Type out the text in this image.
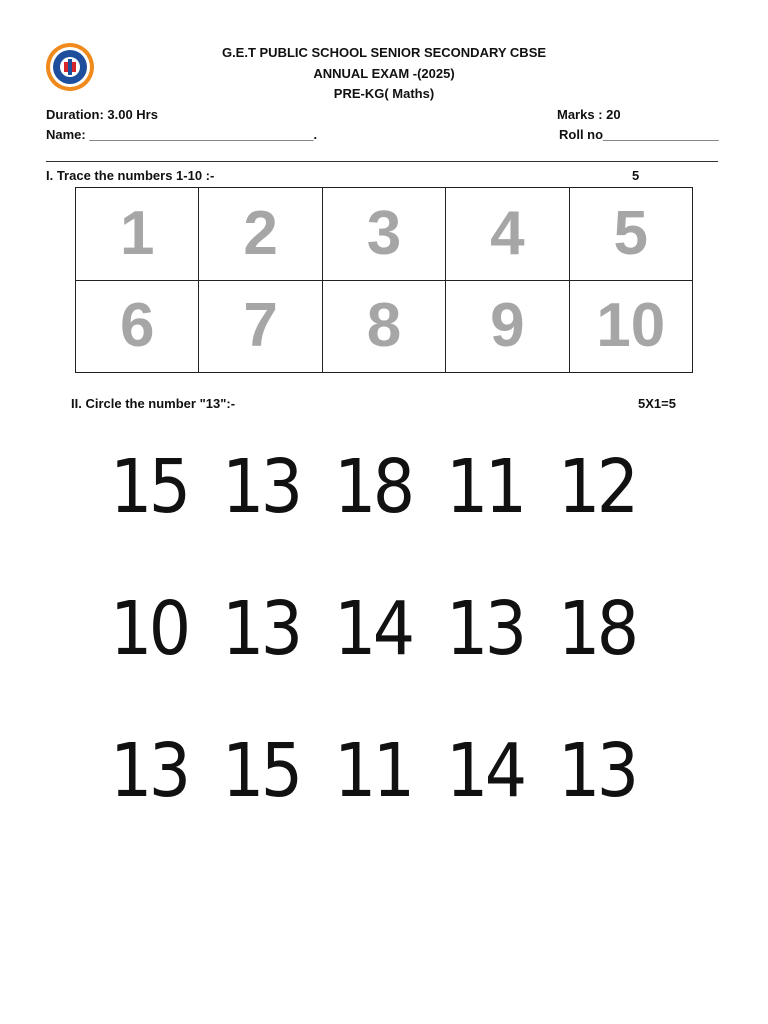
G.E.T PUBLIC SCHOOL SENIOR SECONDARY CBSE
ANNUAL EXAM -(2025)
PRE-KG( Maths)
Duration: 3.00 Hrs	Marks : 20
Name: _______________________________.	Roll no________________
I. Trace the numbers 1-10 :-	5
1	2	3	4	5
6	7	8	9	10
II. Circle the number "13":-	5X1=5
15 13 18 11 12
10 13 14 13 18
13 15 11 14 13
